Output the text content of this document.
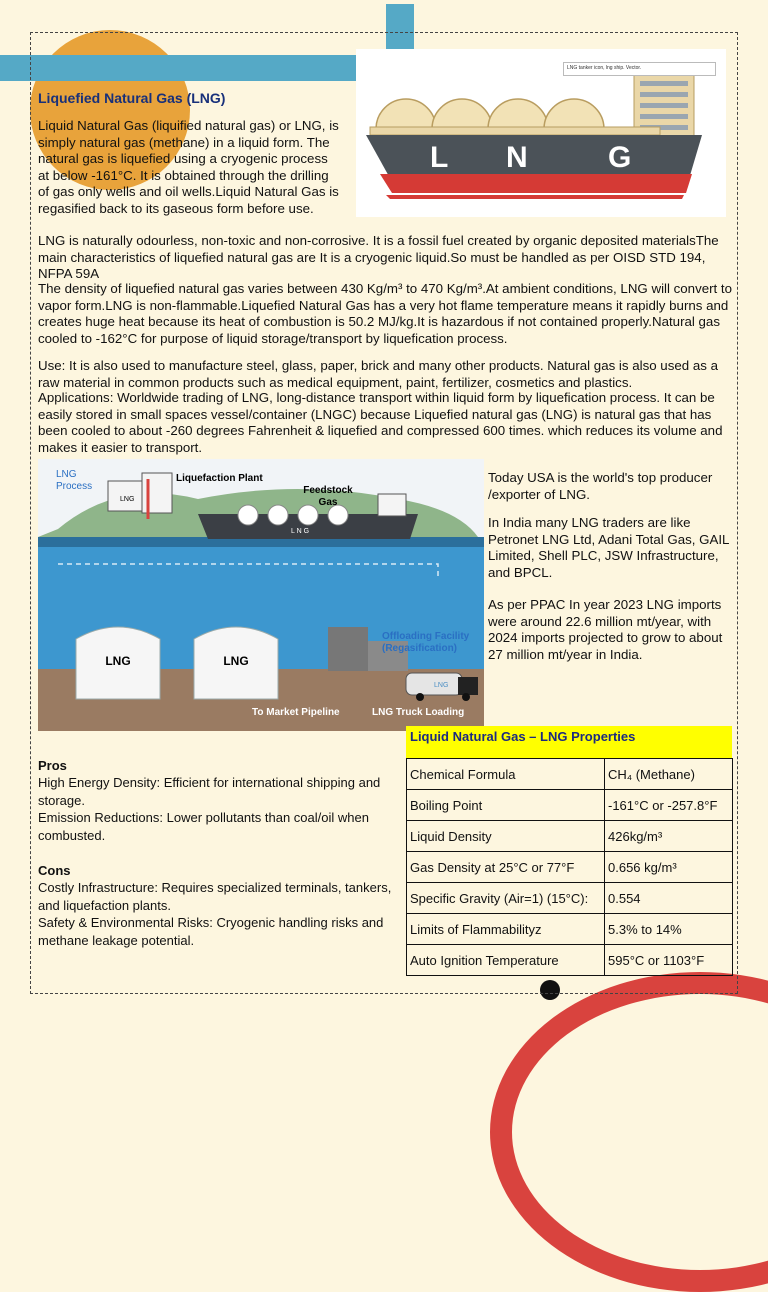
Liquefied Natural Gas (LNG)
Liquid Natural Gas (liquified natural gas) or LNG, is simply natural gas (methane) in a liquid form. The natural gas is liquefied using a cryogenic process at below -161°C. It is obtained through the drilling of gas only wells and oil wells.Liquid Natural Gas is regasified back to its gaseous form before use.
LNG is naturally odourless, non-toxic and non-corrosive. It is a fossil fuel created by organic deposited materialsThe main characteristics of liquefied natural gas are It is a cryogenic liquid.So must be handled as per OISD STD 194, NFPA 59A
The density of liquefied natural gas varies between 430 Kg/m³ to 470 Kg/m³.At ambient conditions, LNG will convert to vapor form.LNG is non-flammable.Liquefied Natural Gas has a very hot flame temperature means it rapidly burns and creates huge heat because its heat of combustion is 50.2 MJ/kg.It is hazardous if not contained properly.Natural gas cooled to -162°C for purpose of liquid storage/transport by liquefication process.
Use: It is also used to manufacture steel, glass, paper, brick and many other products. Natural gas is also used as a raw material in common products such as medical equipment, paint, fertilizer, cosmetics and plastics.
Applications: Worldwide trading of LNG, long-distance transport within liquid form by liquefication process. It can be easily stored in small spaces vessel/container (LNGC) because Liquefied natural gas (LNG) is natural gas that has been cooled to about -260 degrees Fahrenheit & liquefied and compressed 600 times. which reduces its volume and makes it easier to transport.
L N	G
LNG tanker icon, lng ship. Vector.
L N G
LNG	LNG
LNG
LNG Process
LNG
Liquefaction Plant
Feedstock Gas
Offloading Facility (Regasification)
To Market Pipeline	LNG Truck Loading
Today USA is the world's top producer /exporter of LNG.
In India many LNG traders are like Petronet LNG Ltd, Adani Total Gas, GAIL Limited, Shell PLC, JSW Infrastructure, and BPCL.
As per PPAC In year 2023 LNG imports were around 22.6 million mt/year, with 2024 imports projected to grow to about 27 million mt/year in India.
Pros
High Energy Density: Efficient for international shipping and storage.
Emission Reductions: Lower pollutants than coal/oil when combusted.
Cons
Costly Infrastructure: Requires specialized terminals, tankers, and liquefaction plants.
Safety & Environmental Risks: Cryogenic handling risks and methane leakage potential.
Liquid Natural Gas – LNG Properties
Chemical Formula	CH₄ (Methane)
Boiling Point	-161°C or -257.8°F
Liquid Density	426kg/m³
Gas Density at 25°C or 77°F	0.656 kg/m³
Specific Gravity (Air=1) (15°C):	0.554
Limits of Flammabilityz	5.3% to 14%
Auto Ignition Temperature	595°C or 1103°F
